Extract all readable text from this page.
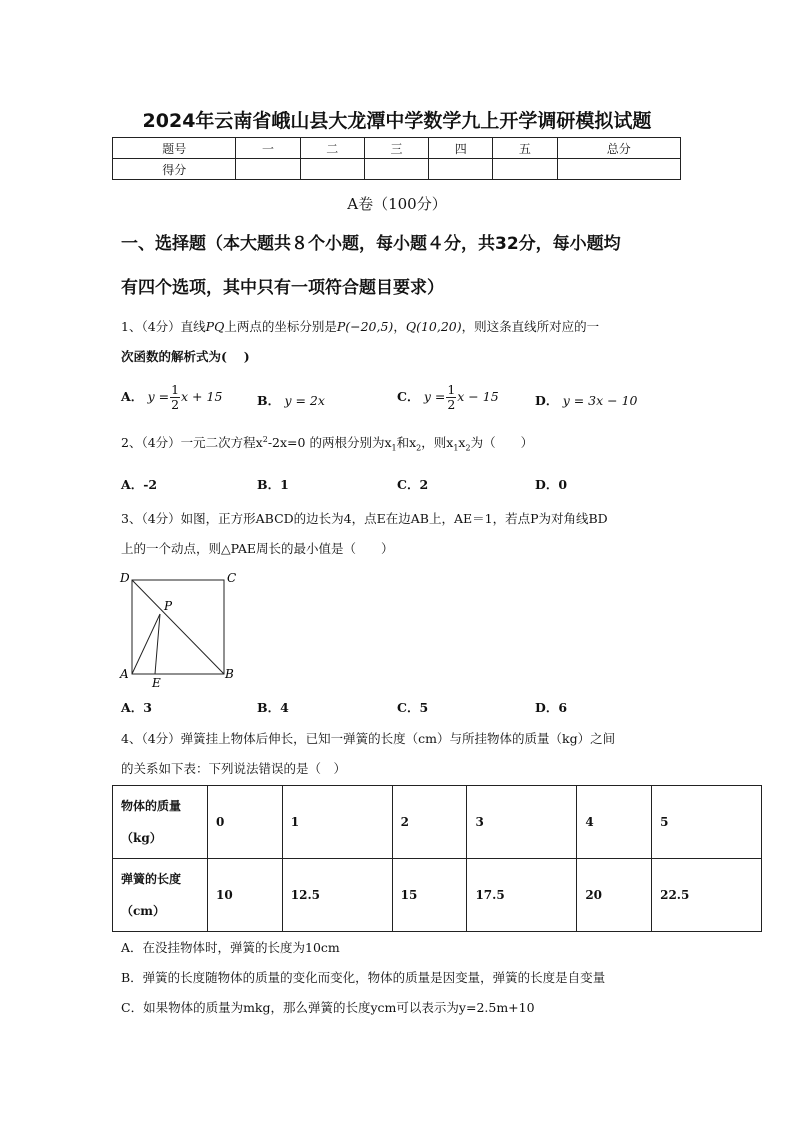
2024年云南省峨山县大龙潭中学数学九上开学调研模拟试题
题号	一	二	三	四	五	总分
得分						
A卷（100分）
一、选择题（本大题共８个小题，每小题４分，共32分，每小题均
有四个选项，其中只有一项符合题目要求）
1、（4分）直线PQ上两点的坐标分别是P(−20,5)，Q(10,20)，则这条直线所对应的一
次函数的解析式为(　 )
A． $y = \frac{1}{2}$ x + 15	B． y = 2x	C． $y = \frac{1}{2}$ x − 15	D． y = 3x − 10
2、（4分）一元二次方程$x^2-2x=0$ 的两根分别为$x_1$和$x_2$，则$x_1x_2$为（　　）
A．-2	B．1	C．2	D．0
3、（4分）如图，正方形ABCD的边长为4，点E在边AB上，AE＝1，若点P为对角线BD
上的一个动点，则△PAE周长的最小值是（　　）
D	C
A	B
P
E
A．3	B．4	C．5	D．6
4、（4分）弹簧挂上物体后伸长，已知一弹簧的长度（cm）与所挂物体的质量（kg）之间
的关系如下表：下列说法错误的是（　）
物体的质量
（kg）	0	1	2	3	4	5

弹簧的长度
（cm）	10	12.5	15	17.5	20	22.5
A．在没挂物体时，弹簧的长度为10cm
B．弹簧的长度随物体的质量的变化而变化，物体的质量是因变量，弹簧的长度是自变量
C．如果物体的质量为mkg，那么弹簧的长度ycm可以表示为y=2.5m+10
